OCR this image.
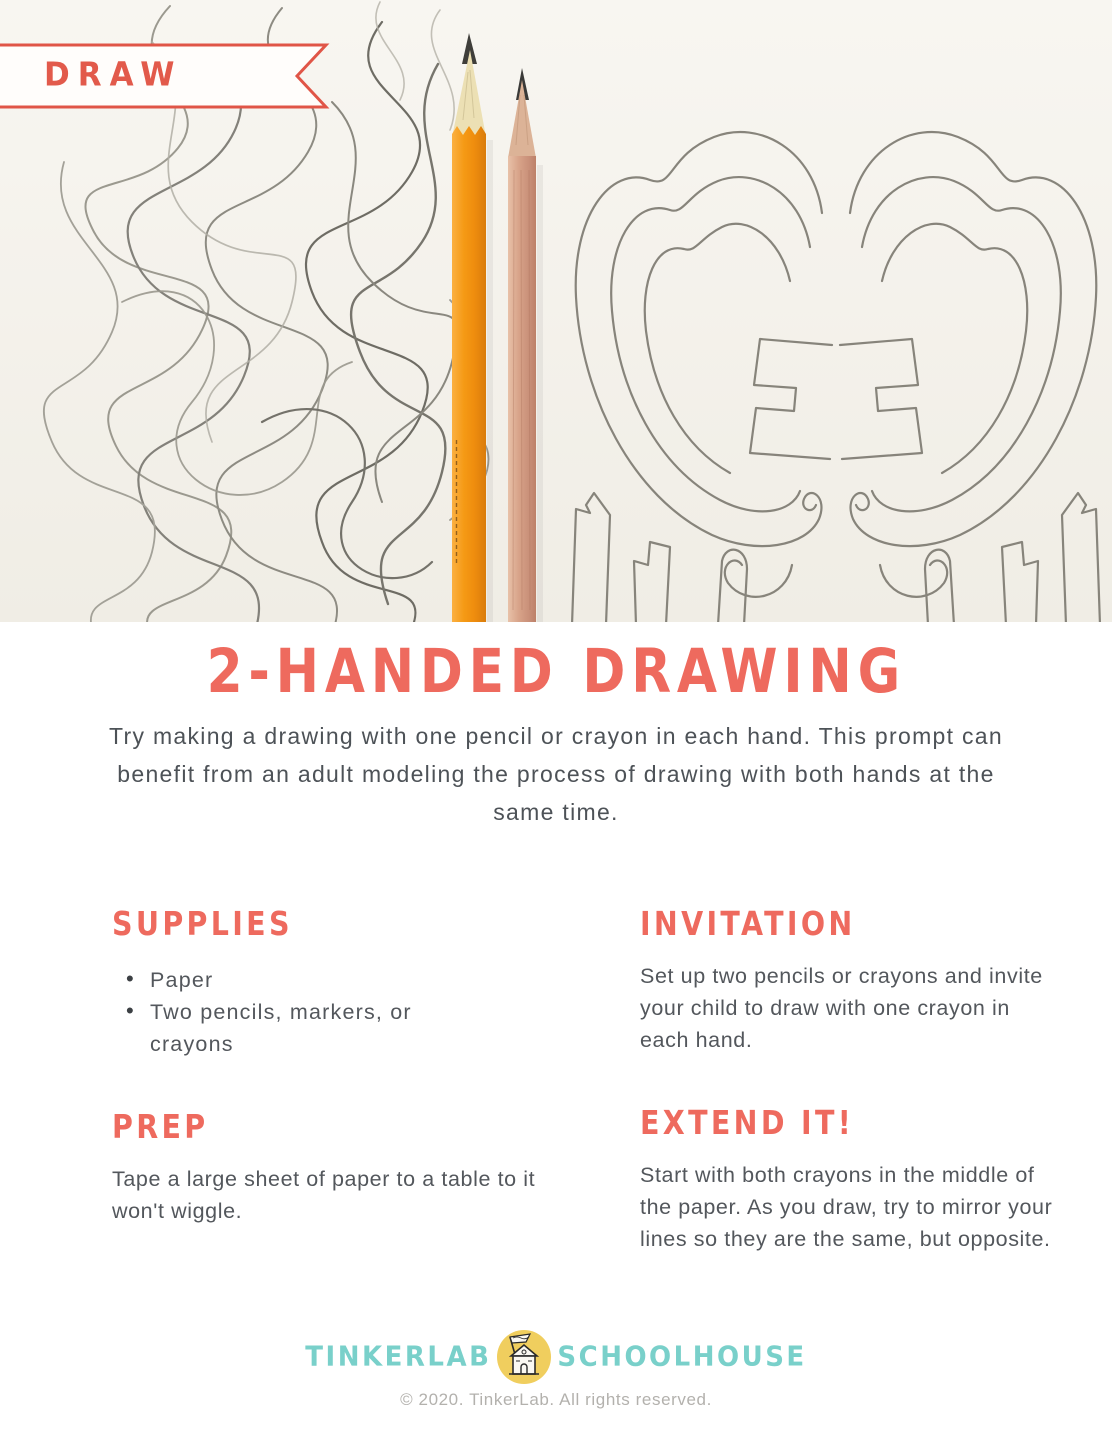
DRAW
2-HANDED DRAWING

Try making a drawing with one pencil or crayon in each hand. This prompt can benefit from an adult modeling the process of drawing with both hands at the same time.

SUPPLIES
• Paper
• Two pencils, markers, or crayons
PREP

Tape a large sheet of paper to a table to it won't wiggle.

INVITATION

Set up two pencils or crayons and invite your child to draw with one crayon in each hand.

EXTEND IT!

Start with both crayons in the middle of the paper. As you draw, try to mirror your lines so they are the same, but opposite.

TINKERLAB	SCHOOLHOUSE
© 2020. TinkerLab. All rights reserved.
